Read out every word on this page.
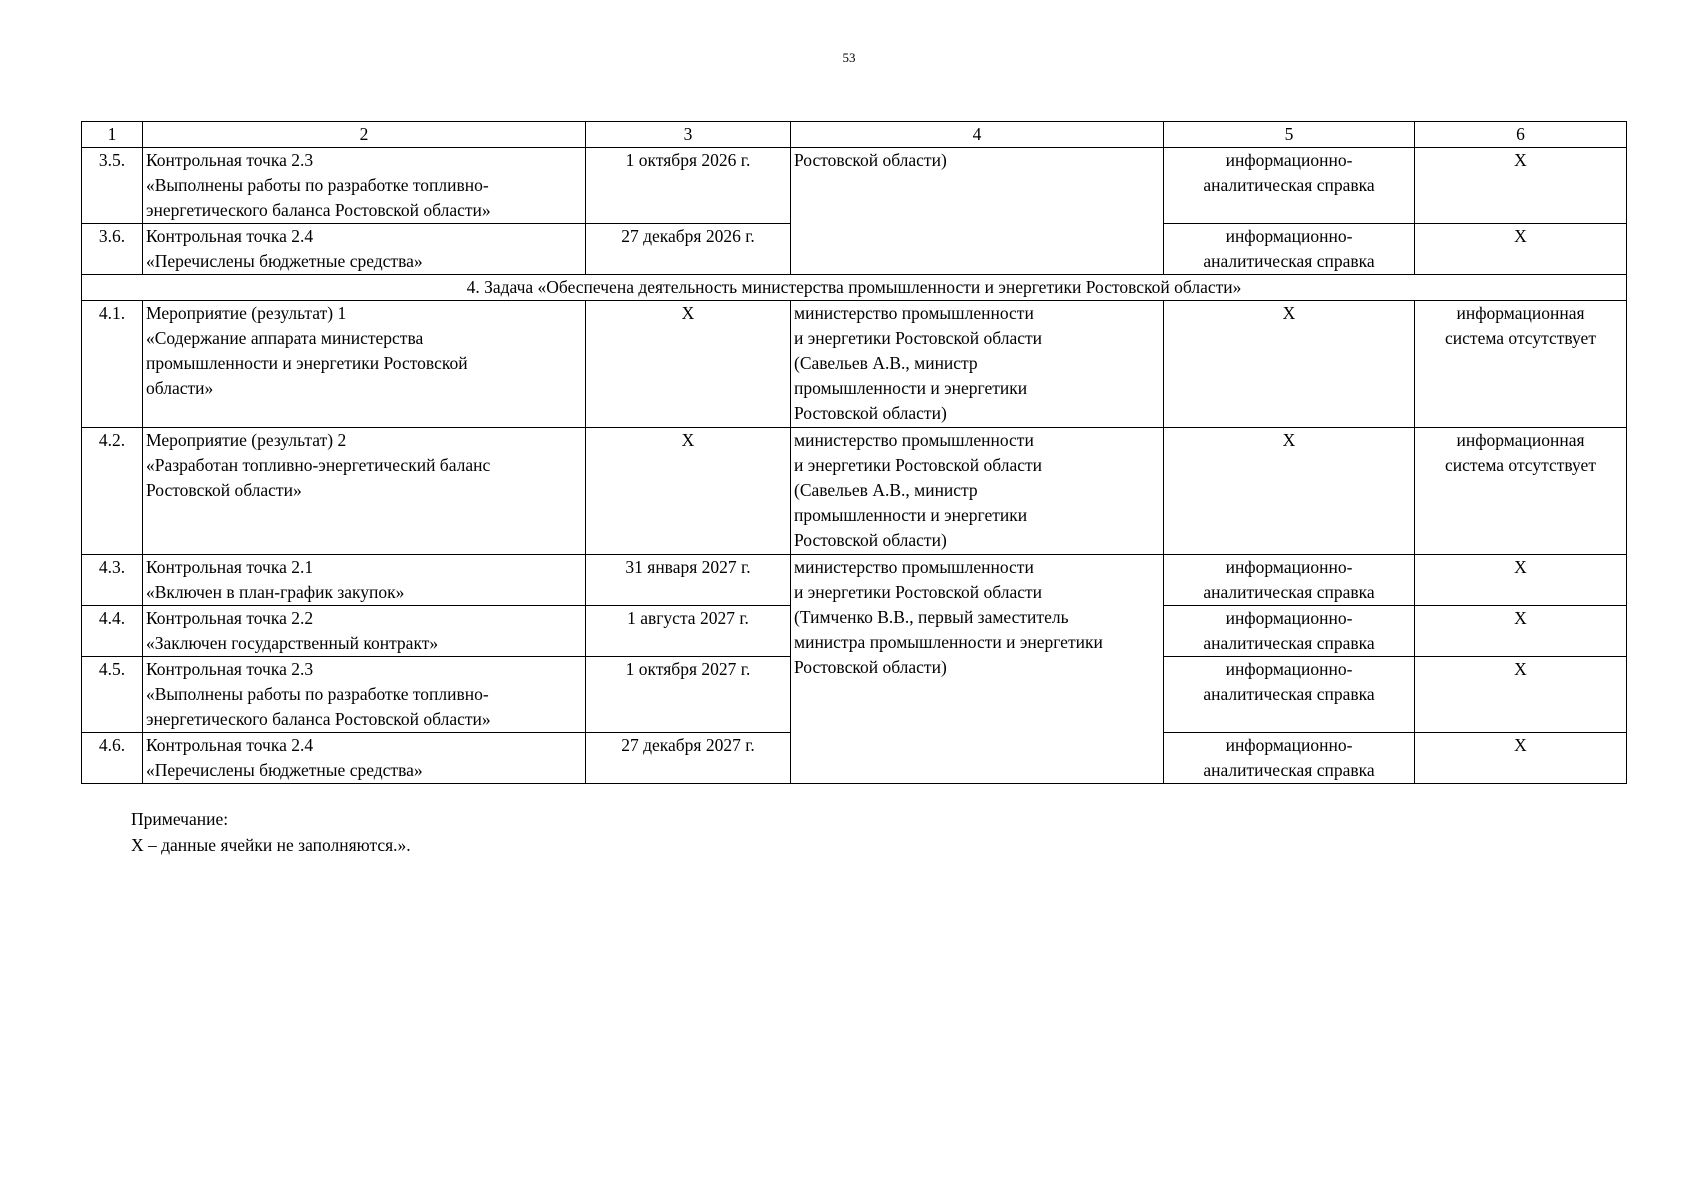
53
1	2	3	4	5	6
3.5.	Контрольная точка 2.3
«Выполнены работы по разработке топливно-
энергетического баланса Ростовской области»	1 октября 2026 г.	Ростовской области)	информационно-
аналитическая справка	X
3.6.	Контрольная точка 2.4
«Перечислены бюджетные средства»	27 декабря 2026 г.		информационно-
аналитическая справка	X
4. Задача «Обеспечена деятельность министерства промышленности и энергетики Ростовской области»					
4.1.	Мероприятие (результат) 1
«Содержание аппарата министерства
промышленности и энергетики Ростовской
области»	X	министерство промышленности
и энергетики Ростовской области
(Савельев А.В., министр
промышленности и энергетики
Ростовской области)	X	информационная
система отсутствует
4.2.	Мероприятие (результат) 2
«Разработан топливно-энергетический баланс
Ростовской области»	X	министерство промышленности
и энергетики Ростовской области
(Савельев А.В., министр
промышленности и энергетики
Ростовской области)	X	информационная
система отсутствует
4.3.	Контрольная точка 2.1
«Включен в план-график закупок»	31 января 2027 г.	министерство промышленности
и энергетики Ростовской области
(Тимченко В.В., первый заместитель
министра промышленности и энергетики
Ростовской области)	информационно-
аналитическая справка	X
4.4.	Контрольная точка 2.2
«Заключен государственный контракт»	1 августа 2027 г.		информационно-
аналитическая справка	X
4.5.	Контрольная точка 2.3
«Выполнены работы по разработке топливно-
энергетического баланса Ростовской области»	1 октября 2027 г.		информационно-
аналитическая справка	X
4.6.	Контрольная точка 2.4
«Перечислены бюджетные средства»	27 декабря 2027 г.		информационно-
аналитическая справка	X
Примечание:
X – данные ячейки не заполняются.».
